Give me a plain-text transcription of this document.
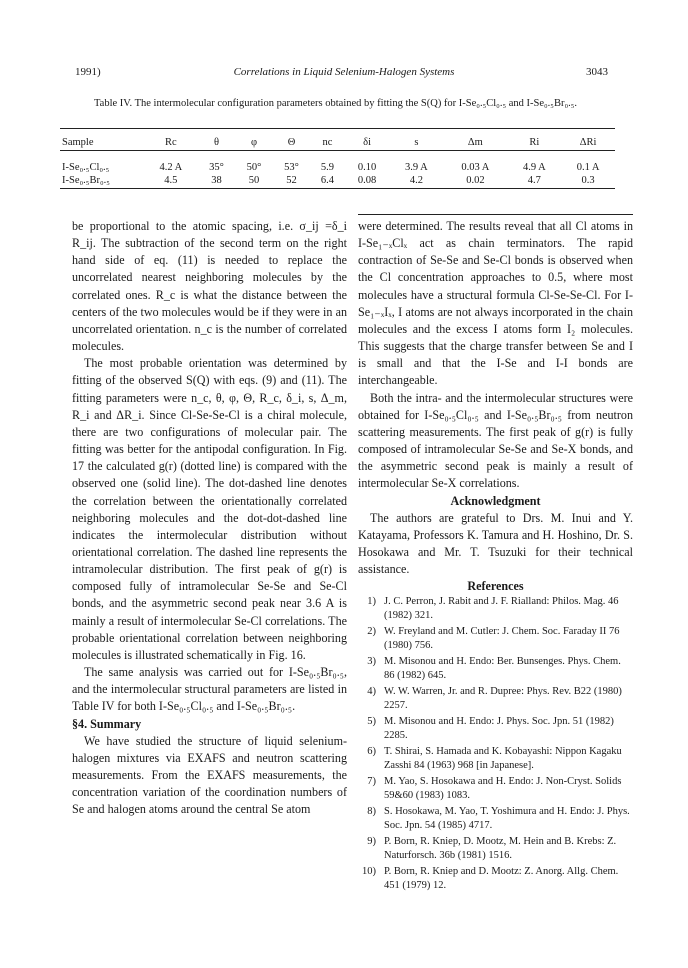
1991)	Correlations in Liquid Selenium-Halogen Systems	3043
Table IV. The intermolecular configuration parameters obtained by fitting the S(Q) for I-Se₀.₅Cl₀.₅ and I-Se₀.₅Br₀.₅.
Sample	Rc	θ	φ	Θ	nc	δi	s	Δm	Ri	ΔRi
I-Se₀.₅Cl₀.₅	4.2 A	35°	50°	53°	5.9	0.10	3.9 A	0.03 A	4.9 A	0.1 A
I-Se₀.₅Br₀.₅	4.5	38	50	52	6.4	0.08	4.2	0.02	4.7	0.3

be proportional to the atomic spacing, i.e. σ_ij =δ_i R_ij. The subtraction of the second term on the right hand side of eq. (11) is needed to replace the uncorrelated nearest neighboring molecules by the correlated ones. R_c is what the distance between the centers of the two molecules would be if they were in an uncorrelated orientation. n_c is the number of correlated molecules.

The most probable orientation was determined by fitting of the observed S(Q) with eqs. (9) and (11). The fitting parameters were n_c, θ, φ, Θ, R_c, δ_i, s, Δ_m, R_i and ΔR_i. Since Cl-Se-Se-Cl is a chiral molecule, there are two configurations of molecular pair. The fitting was better for the antipodal configuration. In Fig. 17 the calculated g(r) (dotted line) is compared with the observed one (solid line). The dot-dashed line denotes the correlation between the orientationally correlated neighboring molecules and the dot-dot-dashed line indicates the intermolecular distribution without orientational correlation. The dashed line represents the intramolecular distribution. The first peak of g(r) is composed fully of intramolecular Se-Se and Se-Cl bonds, and the asymmetric second peak near 3.6 A is mainly a result of intermolecular Se-Cl correlations. The probable orientational correlation between neighboring molecules is illustrated schematically in Fig. 16.

The same analysis was carried out for I-Se₀.₅Br₀.₅, and the intermolecular structural parameters are listed in Table IV for both I-Se₀.₅Cl₀.₅ and I-Se₀.₅Br₀.₅.

§4. Summary

We have studied the structure of liquid selenium-halogen mixtures via EXAFS and neutron scattering measurements. From the EXAFS measurements, the concentration variation of the coordination numbers of Se and halogen atoms around the central Se atom

were determined. The results reveal that all Cl atoms in I-Se₁₋ₓClₓ act as chain terminators. The rapid contraction of Se-Se and Se-Cl bonds is observed when the Cl concentration approaches to 0.5, where most molecules have a structural formula Cl-Se-Se-Cl. For I-Se₁₋ₓIₓ, I atoms are not always incorporated in the chain molecules and the excess I atoms form I₂ molecules. This suggests that the charge transfer between Se and I is small and that the I-Se and I-I bonds are interchangeable.

Both the intra- and the intermolecular structures were obtained for I-Se₀.₅Cl₀.₅ and I-Se₀.₅Br₀.₅ from neutron scattering measurements. The first peak of g(r) is fully composed of intramolecular Se-Se and Se-X bonds, and the asymmetric second peak is mainly a result of intermolecular Se-X correlations.

Acknowledgment

The authors are grateful to Drs. M. Inui and Y. Katayama, Professors K. Tamura and H. Hoshino, Dr. S. Hosokawa and Mr. T. Tsuzuki for their technical assistance.

References

1) J. C. Perron, J. Rabit and J. F. Rialland: Philos. Mag. 46 (1982) 321.
2) W. Freyland and M. Cutler: J. Chem. Soc. Faraday II 76 (1980) 756.
3) M. Misonou and H. Endo: Ber. Bunsenges. Phys. Chem. 86 (1982) 645.
4) W. W. Warren, Jr. and R. Dupree: Phys. Rev. B22 (1980) 2257.
5) M. Misonou and H. Endo: J. Phys. Soc. Jpn. 51 (1982) 2285.
6) T. Shirai, S. Hamada and K. Kobayashi: Nippon Kagaku Zasshi 84 (1963) 968 [in Japanese].
7) M. Yao, S. Hosokawa and H. Endo: J. Non-Cryst. Solids 59&60 (1983) 1083.
8) S. Hosokawa, M. Yao, T. Yoshimura and H. Endo: J. Phys. Soc. Jpn. 54 (1985) 4717.
9) P. Born, R. Kniep, D. Mootz, M. Hein and B. Krebs: Z. Naturforsch. 36b (1981) 1516.
10) P. Born, R. Kniep and D. Mootz: Z. Anorg. Allg. Chem. 451 (1979) 12.
